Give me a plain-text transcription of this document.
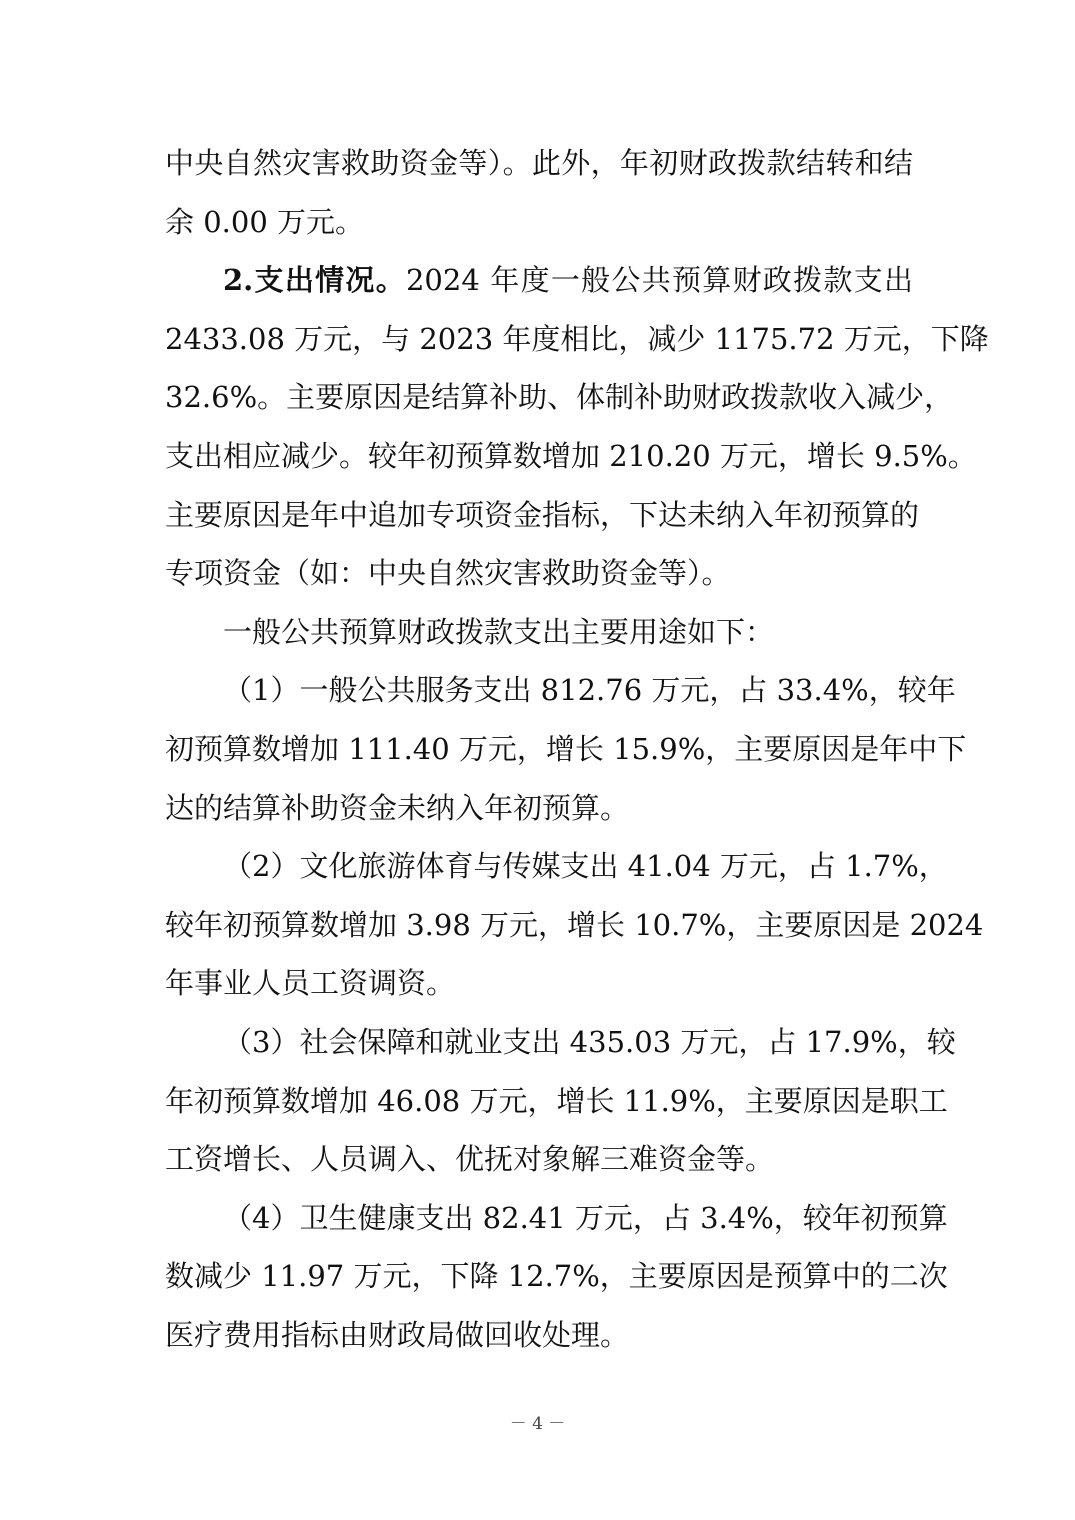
中央自然灾害救助资金等）。此外，年初财政拨款结转和结
余 0.00 万元。
2.支出情况。2024 年度一般公共预算财政拨款支出
2433.08 万元，与 2023 年度相比，减少 1175.72 万元，下降
32.6%。主要原因是结算补助、体制补助财政拨款收入减少，
支出相应减少。较年初预算数增加 210.20 万元，增长 9.5%。
主要原因是年中追加专项资金指标，下达未纳入年初预算的
专项资金（如：中央自然灾害救助资金等）。
一般公共预算财政拨款支出主要用途如下：
（1）一般公共服务支出 812.76 万元，占 33.4%，较年
初预算数增加 111.40 万元，增长 15.9%，主要原因是年中下
达的结算补助资金未纳入年初预算。
（2）文化旅游体育与传媒支出 41.04 万元，占 1.7%，
较年初预算数增加 3.98 万元，增长 10.7%，主要原因是 2024
年事业人员工资调资。
（3）社会保障和就业支出 435.03 万元，占 17.9%，较
年初预算数增加 46.08 万元，增长 11.9%，主要原因是职工
工资增长、人员调入、优抚对象解三难资金等。
（4）卫生健康支出 82.41 万元，占 3.4%，较年初预算
数减少 11.97 万元，下降 12.7%，主要原因是预算中的二次
医疗费用指标由财政局做回收处理。
－ 4 －
